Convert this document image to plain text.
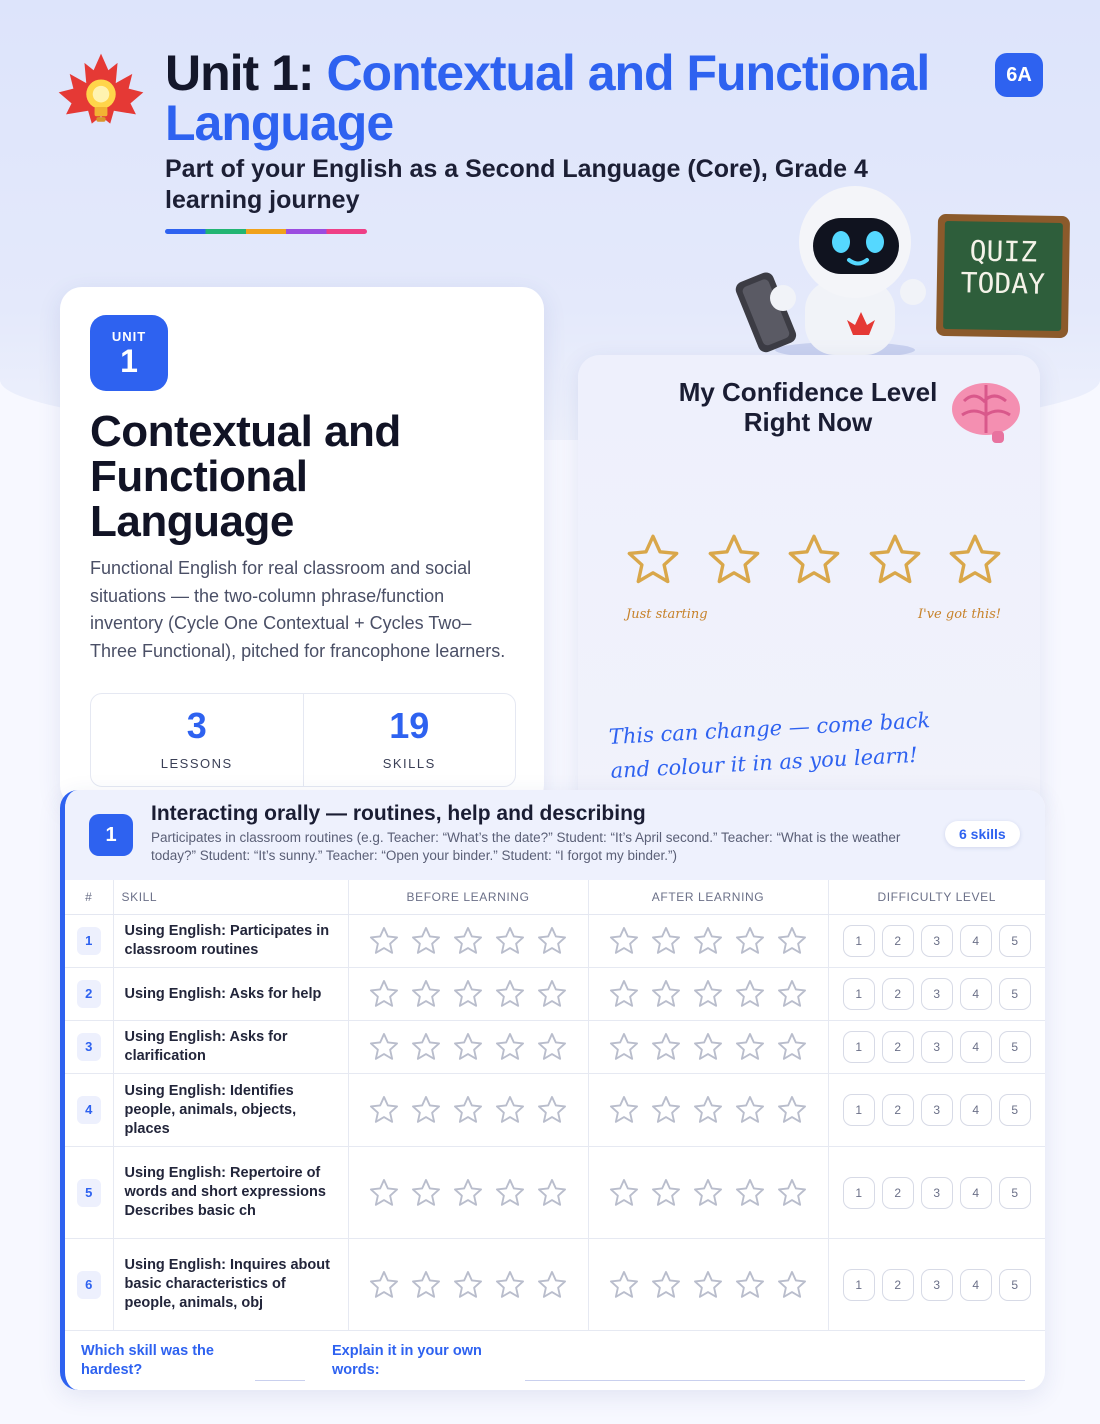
Unit 1: Contextual and Functional Language
6A
Part of your English as a Second Language (Core), Grade 4 learning journey
QUIZ
TODAY
UNIT
1
Contextual and Functional Language
Functional English for real classroom and social situations — the two-column phrase/function inventory (Cycle One Contextual + Cycles Two–Three Functional), pitched for francophone learners.
3
LESSONS
19
SKILLS
My Confidence Level Right Now
Just starting	I've got this!
This can change — come back and colour it in as you learn!
1
Interacting orally — routines, help and describing
Participates in classroom routines (e.g. Teacher: “What’s the date?” Student: “It’s April second.” Teacher: “What is the weather today?” Student: “It’s sunny.” Teacher: “Open your binder.” Student: “I forgot my binder.”)
6 skills
#	SKILL	BEFORE LEARNING	AFTER LEARNING	DIFFICULTY LEVEL

1	Using English: Participates in classroom routines			1 2 3 4 5

2	Using English: Asks for help			1 2 3 4 5

3	Using English: Asks for clarification			1 2 3 4 5

4	Using English: Identifies people, animals, objects, places			1 2 3 4 5

5	Using English: Repertoire of words and short expressions Describes basic ch			1 2 3 4 5

6	Using English: Inquires about basic characteristics of people, animals, obj			1 2 3 4 5
Which skill was the hardest?
Explain it in your own words:
